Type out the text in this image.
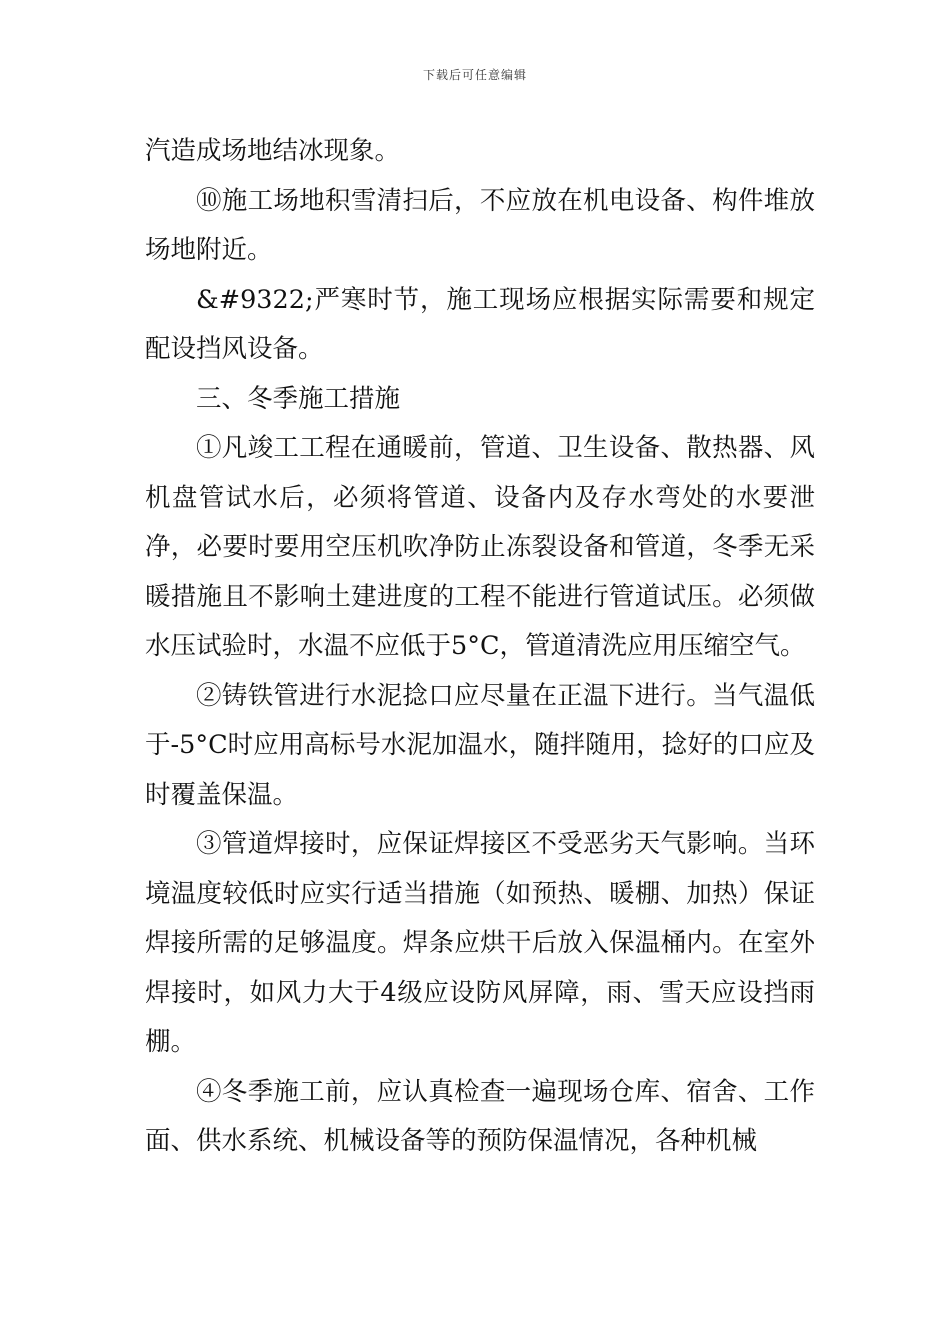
下载后可任意编辑

汽造成场地结冰现象。

⑩施工场地积雪清扫后，不应放在机电设备、构件堆放场地附近。

&#9322;严寒时节，施工现场应根据实际需要和规定配设挡风设备。

三、冬季施工措施

①凡竣工工程在通暖前，管道、卫生设备、散热器、风机盘管试水后，必须将管道、设备内及存水弯处的水要泄净，必要时要用空压机吹净防止冻裂设备和管道，冬季无采暖措施且不影响土建进度的工程不能进行管道试压。必须做水压试验时，水温不应低于5°C，管道清洗应用压缩空气。

②铸铁管进行水泥捻口应尽量在正温下进行。当气温低于-5°C时应用高标号水泥加温水，随拌随用，捻好的口应及时覆盖保温。

③管道焊接时，应保证焊接区不受恶劣天气影响。当环境温度较低时应实行适当措施（如预热、暖棚、加热）保证焊接所需的足够温度。焊条应烘干后放入保温桶内。在室外焊接时，如风力大于4级应设防风屏障，雨、雪天应设挡雨棚。

④冬季施工前，应认真检查一遍现场仓库、宿舍、工作面、供水系统、机械设备等的预防保温情况，各种机械
